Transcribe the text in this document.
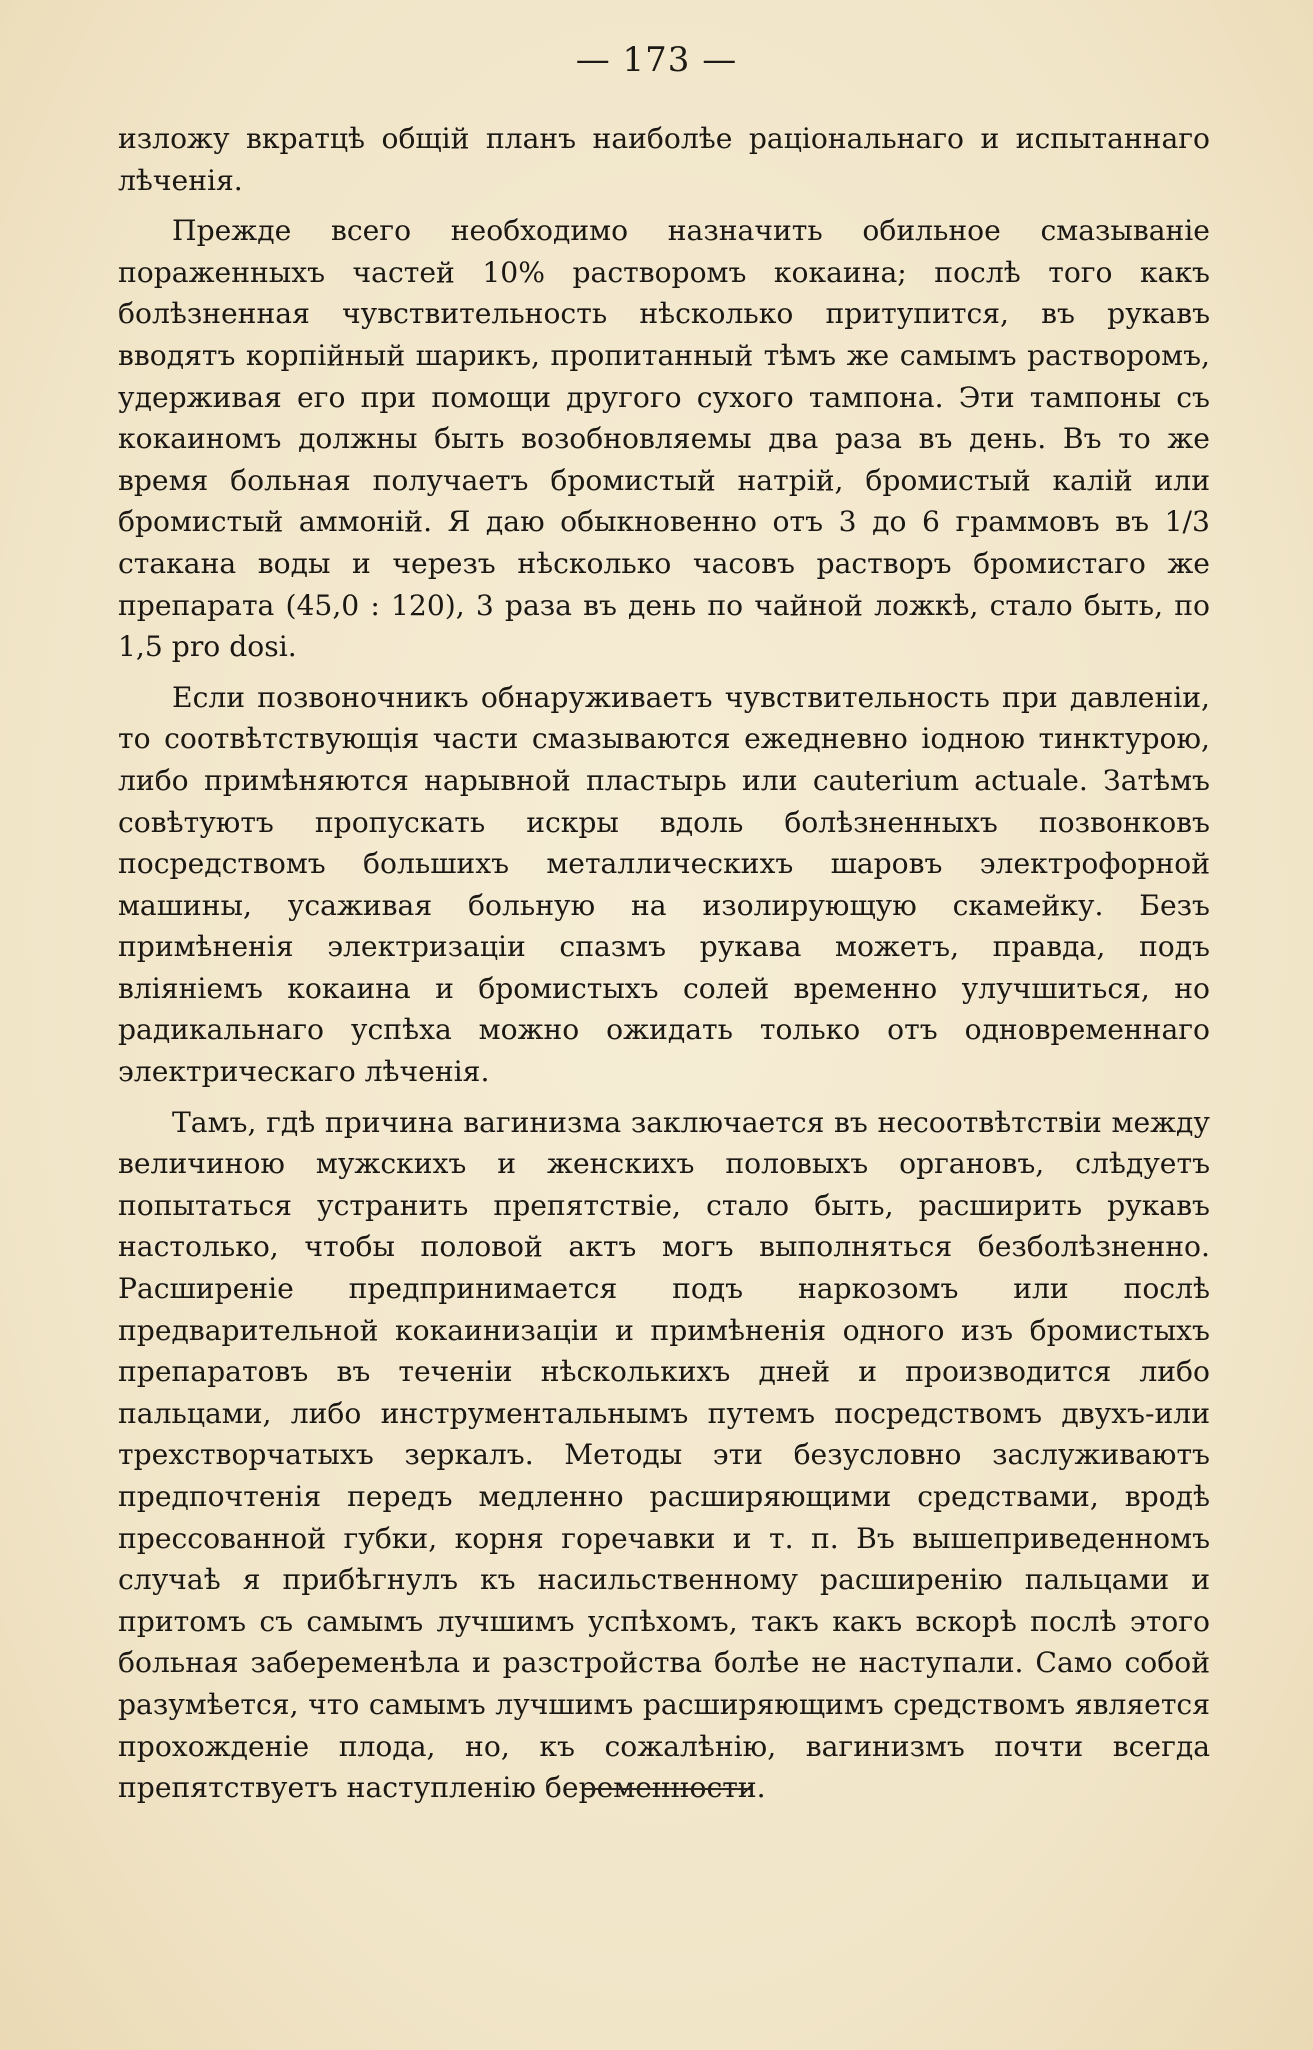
— 173 —

изложу вкратцѣ общій планъ наиболѣе раціональнаго и испытаннаго лѣченія.

Прежде всего необходимо назначить обильное смазываніе пораженныхъ частей 10% растворомъ кокаина; послѣ того какъ болѣзненная чувствительность нѣсколько притупится, въ рукавъ вводятъ корпійный шарикъ, пропитанный тѣмъ же самымъ растворомъ, удерживая его при помощи другого сухого тампона. Эти тампоны съ кокаиномъ должны быть возобновляемы два раза въ день. Въ то же время больная получаетъ бромистый натрій, бромистый калій или бромистый аммоній. Я даю обыкновенно отъ 3 до 6 граммовъ въ 1/3 стакана воды и черезъ нѣсколько часовъ растворъ бромистаго же препарата (45,0 : 120), 3 раза въ день по чайной ложкѣ, стало быть, по 1,5 pro dosi.

Если позвоночникъ обнаруживаетъ чувствительность при давленіи, то соотвѣтствующія части смазываются ежедневно іодною тинктурою, либо примѣняются нарывной пластырь или cauterium actuale. Затѣмъ совѣтуютъ пропускать искры вдоль болѣзненныхъ позвонковъ посредствомъ большихъ металлическихъ шаровъ электрофорной машины, усаживая больную на изолирующую скамейку. Безъ примѣненія электризаціи спазмъ рукава можетъ, правда, подъ вліяніемъ кокаина и бромистыхъ солей временно улучшиться, но радикальнаго успѣха можно ожидать только отъ одновременнаго электрическаго лѣченія.

Тамъ, гдѣ причина вагинизма заключается въ несоотвѣтствіи между величиною мужскихъ и женскихъ половыхъ органовъ, слѣдуетъ попытаться устранить препятствіе, стало быть, расширить рукавъ настолько, чтобы половой актъ могъ выполняться безболѣзненно. Расширеніе предпринимается подъ наркозомъ или послѣ предварительной кокаинизаціи и примѣненія одного изъ бромистыхъ препаратовъ въ теченіи нѣсколькихъ дней и производится либо пальцами, либо инструментальнымъ путемъ посредствомъ двухъ-или трехстворчатыхъ зеркалъ. Методы эти безусловно заслуживаютъ предпочтенія передъ медленно расширяющими средствами, вродѣ прессованной губки, корня горечавки и т. п. Въ вышеприведенномъ случаѣ я прибѣгнулъ къ насильственному расширенію пальцами и притомъ съ самымъ лучшимъ успѣхомъ, такъ какъ вскорѣ послѣ этого больная забеременѣла и разстройства болѣе не наступали. Само собой разумѣется, что самымъ лучшимъ расширяющимъ средствомъ является прохожденіе плода, но, къ сожалѣнію, вагинизмъ почти всегда препятствуетъ наступленію беременности.
